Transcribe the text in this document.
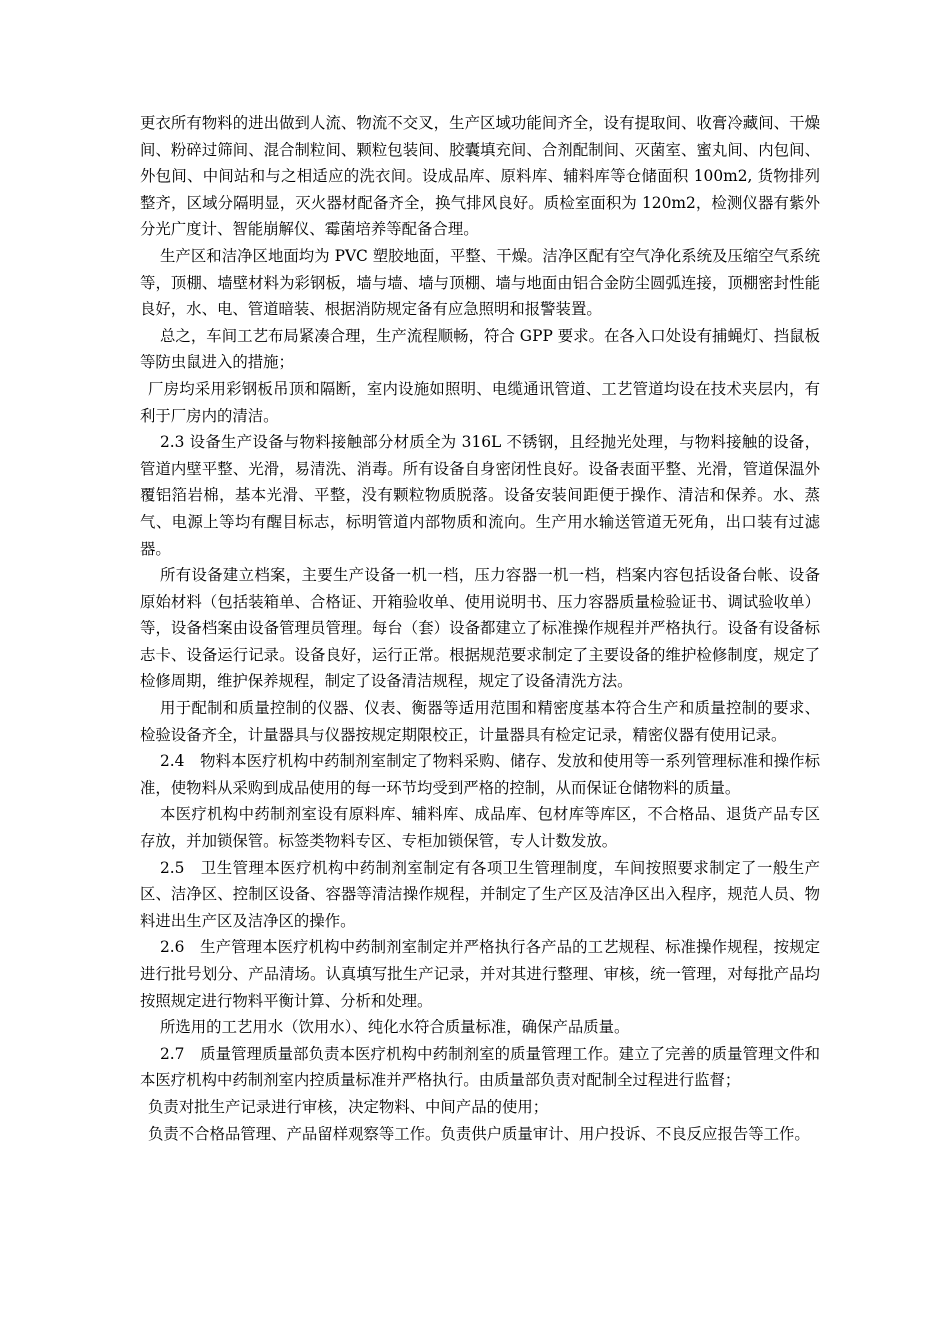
更衣所有物料的进出做到人流、物流不交叉，生产区域功能间齐全，设有提取间、收膏冷藏间、干燥间、粉碎过筛间、混合制粒间、颗粒包装间、胶囊填充间、合剂配制间、灭菌室、蜜丸间、内包间、外包间、中间站和与之相适应的洗衣间。设成品库、原料库、辅料库等仓储面积 100m2, 货物排列整齐，区域分隔明显，灭火器材配备齐全，换气排风良好。质检室面积为 120m2，检测仪器有紫外分光广度计、智能崩解仪、霉菌培养等配备合理。

生产区和洁净区地面均为 PVC 塑胶地面，平整、干燥。洁净区配有空气净化系统及压缩空气系统等，顶棚、墙壁材料为彩钢板，墙与墙、墙与顶棚、墙与地面由铝合金防尘圆弧连接，顶棚密封性能良好，水、电、管道暗装、根据消防规定备有应急照明和报警装置。

总之，车间工艺布局紧凑合理，生产流程顺畅，符合 GPP 要求。在各入口处设有捕蝇灯、挡鼠板等防虫鼠进入的措施；

厂房均采用彩钢板吊顶和隔断，室内设施如照明、电缆通讯管道、工艺管道均设在技术夹层内，有利于厂房内的清洁。

2.3 设备生产设备与物料接触部分材质全为 316L 不锈钢，且经抛光处理，与物料接触的设备，管道内壁平整、光滑，易清洗、消毒。所有设备自身密闭性良好。设备表面平整、光滑，管道保温外覆铝箔岩棉，基本光滑、平整，没有颗粒物质脱落。设备安装间距便于操作、清洁和保养。水、蒸气、电源上等均有醒目标志，标明管道内部物质和流向。生产用水输送管道无死角，出口装有过滤器。

所有设备建立档案，主要生产设备一机一档，压力容器一机一档，档案内容包括设备台帐、设备原始材料（包括装箱单、合格证、开箱验收单、使用说明书、压力容器质量检验证书、调试验收单）等，设备档案由设备管理员管理。每台（套）设备都建立了标准操作规程并严格执行。设备有设备标志卡、设备运行记录。设备良好，运行正常。根据规范要求制定了主要设备的维护检修制度，规定了检修周期，维护保养规程，制定了设备清洁规程，规定了设备清洗方法。

用于配制和质量控制的仪器、仪表、衡器等适用范围和精密度基本符合生产和质量控制的要求、检验设备齐全，计量器具与仪器按规定期限校正，计量器具有检定记录，精密仪器有使用记录。

2.4　物料本医疗机构中药制剂室制定了物料采购、储存、发放和使用等一系列管理标准和操作标准，使物料从采购到成品使用的每一环节均受到严格的控制，从而保证仓储物料的质量。

本医疗机构中药制剂室设有原料库、辅料库、成品库、包材库等库区，不合格品、退货产品专区存放，并加锁保管。标签类物料专区、专柜加锁保管，专人计数发放。

2.5　卫生管理本医疗机构中药制剂室制定有各项卫生管理制度，车间按照要求制定了一般生产区、洁净区、控制区设备、容器等清洁操作规程，并制定了生产区及洁净区出入程序，规范人员、物料进出生产区及洁净区的操作。

2.6　生产管理本医疗机构中药制剂室制定并严格执行各产品的工艺规程、标准操作规程，按规定进行批号划分、产品清场。认真填写批生产记录，并对其进行整理、审核，统一管理，对每批产品均按照规定进行物料平衡计算、分析和处理。

所选用的工艺用水（饮用水）、纯化水符合质量标准，确保产品质量。

2.7　质量管理质量部负责本医疗机构中药制剂室的质量管理工作。建立了完善的质量管理文件和本医疗机构中药制剂室内控质量标准并严格执行。由质量部负责对配制全过程进行监督；

负责对批生产记录进行审核，决定物料、中间产品的使用；

负责不合格品管理、产品留样观察等工作。负责供户质量审计、用户投诉、不良反应报告等工作。
